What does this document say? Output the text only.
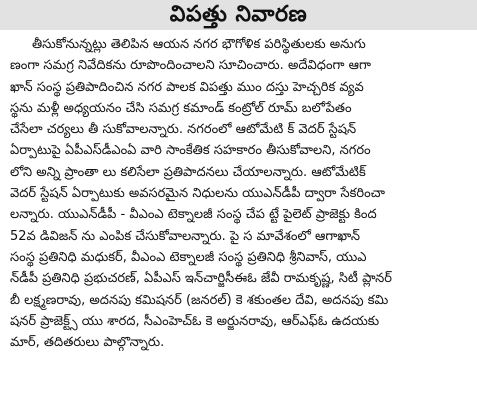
విపత్తు నివారణ
తీసుకోనున్నట్లు తెలిపిన ఆయన నగర భౌగోళిక పరిస్థితులకు అనుగు
ణంగా సమగ్ర నివేదికను రూపొందించాలని సూచించారు. అదేవిధంగా ఆగా
ఖాన్ సంస్థ ప్రతిపాదించిన నగర పాలక విపత్తు ముం దస్తు హెచ్చరిక వ్యవ
స్థను మళ్లీ అధ్యయనం చేసి సమగ్ర కమాండ్ కంట్రోల్ రూమ్ బలోపేతం
చేసేలా చర్యలు తీ సుకోవాలన్నారు. నగరంలో ఆటోమేటి క్ వెదర్ స్టేషన్
ఏర్పాటుపై ఏపీఎస్‌డీఎంఏ వారి సాంకేతిక సహకారం తీసుకోవాలని, నగరం
లోని అన్ని ప్రాంతా లు కలిసేలా ప్రతిపాదనలు చేయాలన్నారు. ఆటోమేటిక్
వెదర్ స్టేషన్ ఏర్పాటుకు అవసరమైన నిధులను యుఎన్‌డీపీ ద్వారా సేకరించా
లన్నారు. యుఎన్‌డీపీ - వీఎంఎ టెక్నాలజీ సంస్థ చేప ట్టే పైలెట్ ప్రాజెక్టు కింద
52వ డివిజన్ ను ఎంపిక చేసుకోవాలన్నారు. పై స మావేశంలో ఆగాఖాన్
సంస్థ ప్రతినిధి మధుకర్, వీఎంఎ టెక్నాలజీ సంస్థ ప్రతినిధి శ్రీనివాస్, యుఎ
న్‌డీపీ ప్రతినిధి ప్రభుచరణ్, ఏపీఎస్ ఇన్‌చార్జిసీఈఓ జేవీ రామకృష్ణ, సిటీ ప్లానర్
బీ లక్ష్మణరావు, అదనపు కమిషనర్ (జనరల్) కె శకుంతల దేవి, అదనపు కమి
షనర్ ప్రాజెక్ట్స్ యు శారద, సీఎంహెచ్‌ఓ కె అర్జునరావు, ఆర్‌ఎఫ్‌ఓ ఉదయకు
మార్, తదితరులు పాల్గొన్నారు.
